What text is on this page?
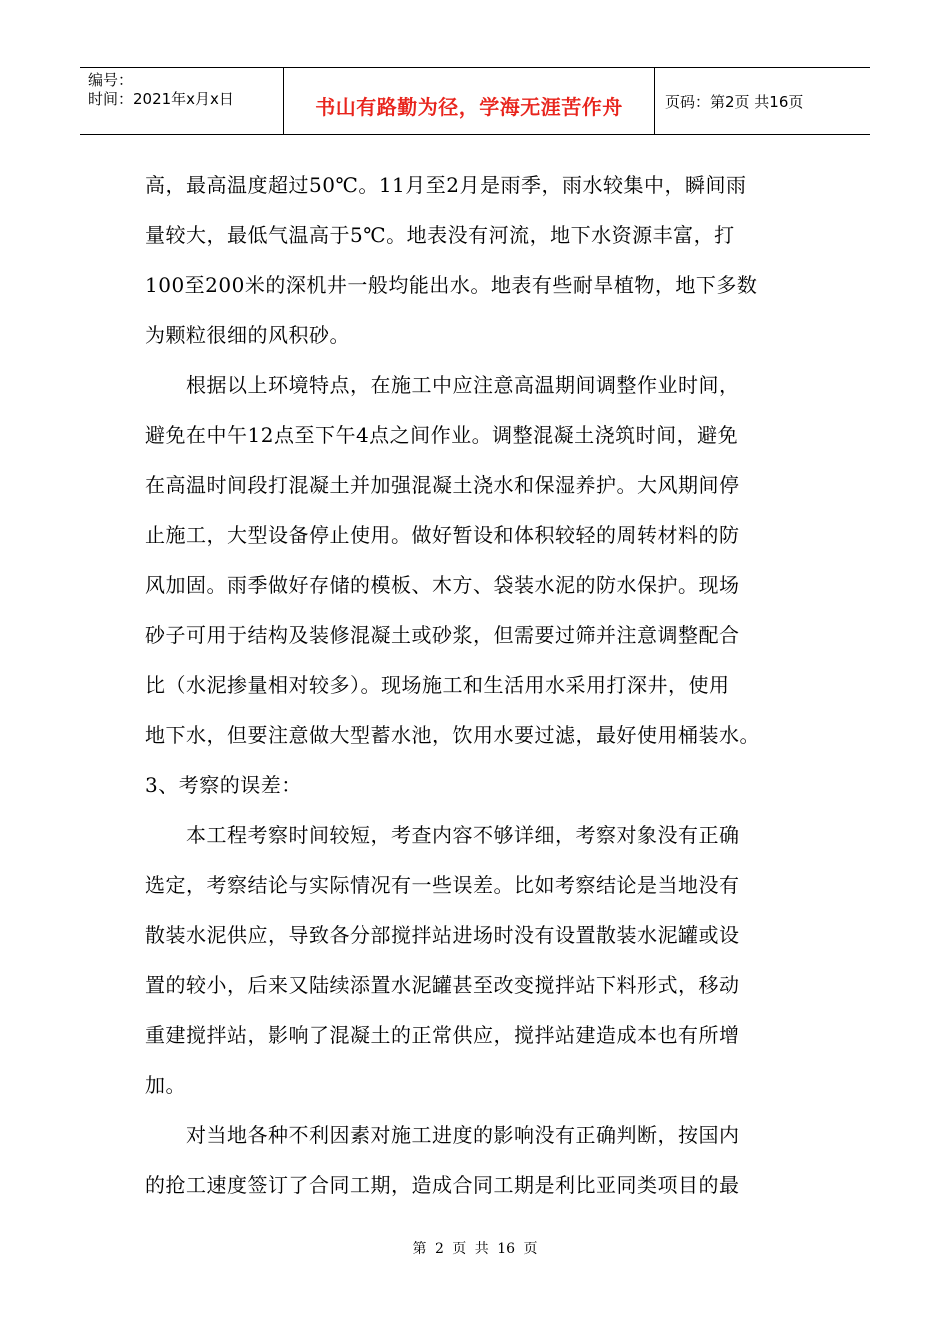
编号：
时间：2021年x月x日	书山有路勤为径，学海无涯苦作舟	页码：第2页 共16页
高，最高温度超过50℃。11月至2月是雨季，雨水较集中，瞬间雨
量较大，最低气温高于5℃。地表没有河流，地下水资源丰富，打
100至200米的深机井一般均能出水。地表有些耐旱植物，地下多数
为颗粒很细的风积砂。
　　根据以上环境特点，在施工中应注意高温期间调整作业时间，
避免在中午12点至下午4点之间作业。调整混凝土浇筑时间，避免
在高温时间段打混凝土并加强混凝土浇水和保湿养护。大风期间停
止施工，大型设备停止使用。做好暂设和体积较轻的周转材料的防
风加固。雨季做好存储的模板、木方、袋装水泥的防水保护。现场
砂子可用于结构及装修混凝土或砂浆，但需要过筛并注意调整配合
比（水泥掺量相对较多）。现场施工和生活用水采用打深井，使用
地下水，但要注意做大型蓄水池，饮用水要过滤，最好使用桶装水。
3、考察的误差：
　　本工程考察时间较短，考查内容不够详细，考察对象没有正确
选定，考察结论与实际情况有一些误差。比如考察结论是当地没有
散装水泥供应，导致各分部搅拌站进场时没有设置散装水泥罐或设
置的较小，后来又陆续添置水泥罐甚至改变搅拌站下料形式，移动
重建搅拌站，影响了混凝土的正常供应，搅拌站建造成本也有所增
加。
　　对当地各种不利因素对施工进度的影响没有正确判断，按国内
的抢工速度签订了合同工期，造成合同工期是利比亚同类项目的最
第 2 页 共 16 页
